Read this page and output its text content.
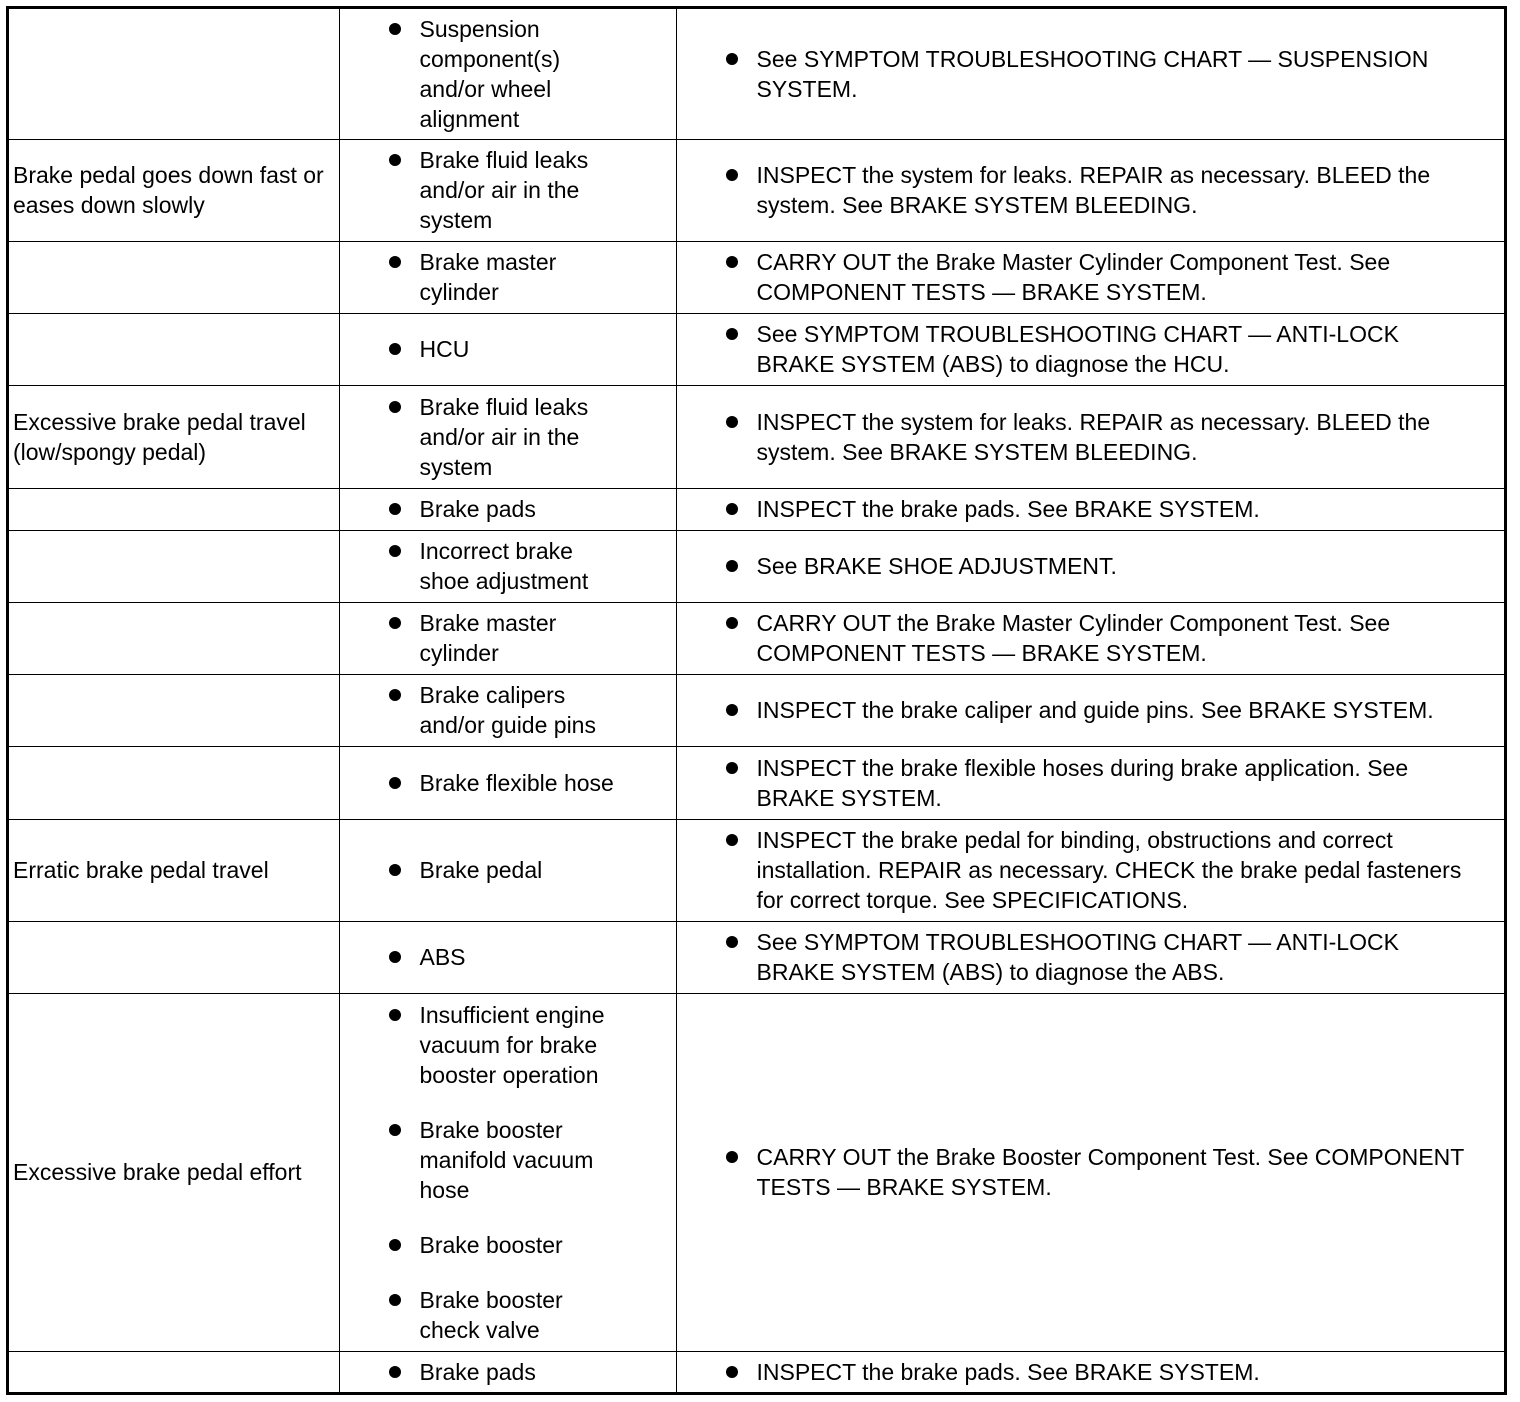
	Suspension component(s) and/or wheel alignment	See SYMPTOM TROUBLESHOOTING CHART — SUSPENSION SYSTEM.

Brake pedal goes down fast or eases down slowly	Brake fluid leaks and/or air in the system	INSPECT the system for leaks. REPAIR as necessary. BLEED the system. See BRAKE SYSTEM BLEEDING.

	Brake master cylinder	CARRY OUT the Brake Master Cylinder Component Test. See COMPONENT TESTS — BRAKE SYSTEM.

	HCU	See SYMPTOM TROUBLESHOOTING CHART — ANTI-LOCK BRAKE SYSTEM (ABS) to diagnose the HCU.

Excessive brake pedal travel (low/spongy pedal)	Brake fluid leaks and/or air in the system	INSPECT the system for leaks. REPAIR as necessary. BLEED the system. See BRAKE SYSTEM BLEEDING.

	Brake pads	INSPECT the brake pads. See BRAKE SYSTEM.

	Incorrect brake shoe adjustment	See BRAKE SHOE ADJUSTMENT.

	Brake master cylinder	CARRY OUT the Brake Master Cylinder Component Test. See COMPONENT TESTS — BRAKE SYSTEM.

	Brake calipers and/or guide pins	INSPECT the brake caliper and guide pins. See BRAKE SYSTEM.

	Brake flexible hose	INSPECT the brake flexible hoses during brake application. See BRAKE SYSTEM.

Erratic brake pedal travel	Brake pedal	INSPECT the brake pedal for binding, obstructions and correct installation. REPAIR as necessary. CHECK the brake pedal fasteners for correct torque. See SPECIFICATIONS.

	ABS	See SYMPTOM TROUBLESHOOTING CHART — ANTI-LOCK BRAKE SYSTEM (ABS) to diagnose the ABS.

Excessive brake pedal effort	Insufficient engine vacuum for brake booster operation
Brake booster manifold vacuum hose
Brake booster
Brake booster check valve	CARRY OUT the Brake Booster Component Test. See COMPONENT TESTS — BRAKE SYSTEM.

	Brake pads	INSPECT the brake pads. See BRAKE SYSTEM.
